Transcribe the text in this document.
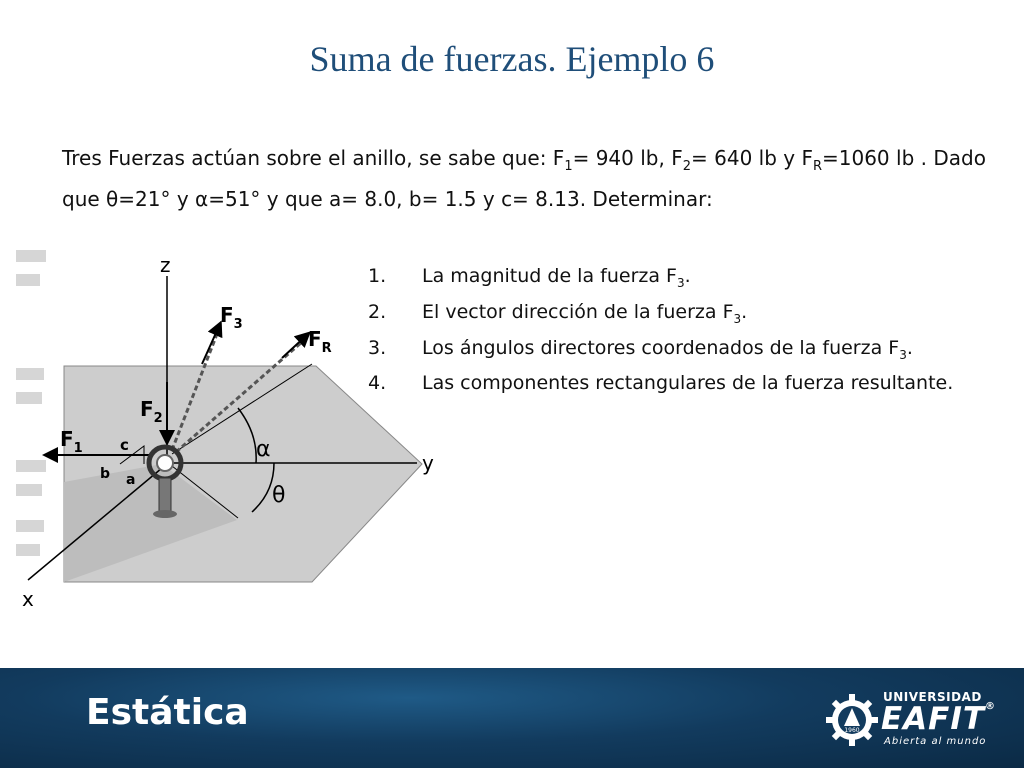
Suma de fuerzas. Ejemplo 6
Tres Fuerzas actúan sobre el anillo, se sabe que: $F_1= 940$ lb, $F_2= 640$ lb y $F_R=1060$ lb . Dado que θ=21° y α=51° y que a= 8.0, b= 1.5 y c= 8.13. Determinar:
z
y
x
$F_3$
$F_R$
$F_2$
$F_1$ c
b a
α
θ
1. La magnitud de la fuerza $F_3$.
2. El vector dirección de la fuerza $F_3$.
3. Los ángulos directores coordenados de la fuerza $F_3$.
4. Las componentes rectangulares de la fuerza resultante.
Estática	1960
UNIVERSIDAD
EAFIT®
Abierta al mundo
